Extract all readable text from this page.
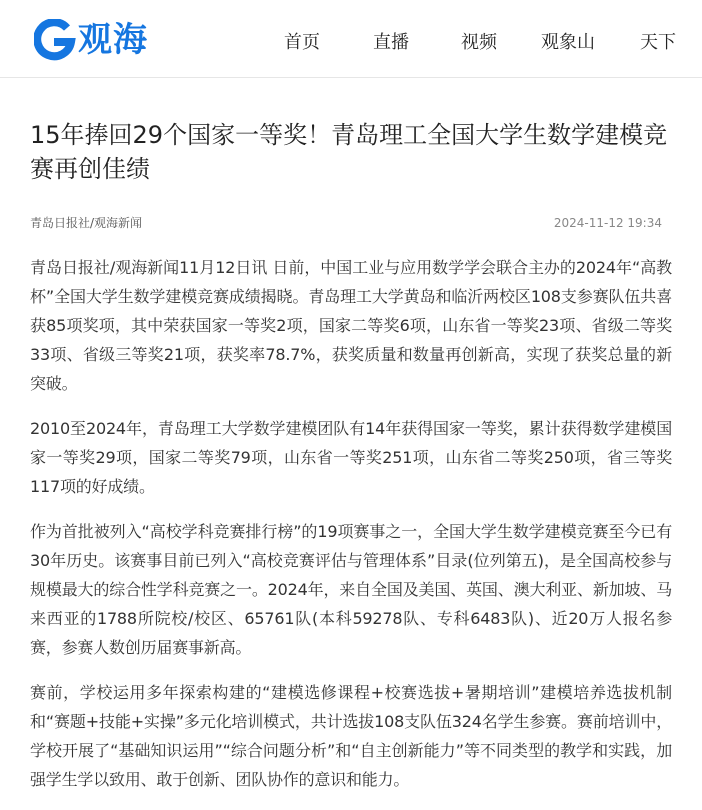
观海	首页	直播	视频 观象山	天下
15年捧回29个国家一等奖！青岛理工全国大学生数学建模竞赛再创佳绩
青岛日报社/观海新闻	2024-11-12 19:34

青岛日报社/观海新闻11月12日讯 日前，中国工业与应用数学学会联合主办的2024年“高教杯”全国大学生数学建模竞赛成绩揭晓。青岛理工大学黄岛和临沂两校区108支参赛队伍共喜获85项奖项，其中荣获国家一等奖2项，国家二等奖6项，山东省一等奖23项、省级二等奖33项、省级三等奖21项，获奖率78.7%，获奖质量和数量再创新高，实现了获奖总量的新突破。

2010至2024年，青岛理工大学数学建模团队有14年获得国家一等奖，累计获得数学建模国家一等奖29项，国家二等奖79项，山东省一等奖251项，山东省二等奖250项，省三等奖117项的好成绩。

作为首批被列入“高校学科竞赛排行榜”的19项赛事之一，全国大学生数学建模竞赛至今已有30年历史。该赛事目前已列入“高校竞赛评估与管理体系”目录(位列第五)，是全国高校参与规模最大的综合性学科竞赛之一。2024年，来自全国及美国、英国、澳大利亚、新加坡、马来西亚的1788所院校/校区、65761队(本科59278队、专科6483队)、近20万人报名参赛，参赛人数创历届赛事新高。

赛前，学校运用多年探索构建的“建模选修课程+校赛选拔+暑期培训”建模培养选拔机制和“赛题+技能+实操”多元化培训模式，共计选拔108支队伍324名学生参赛。赛前培训中，学校开展了“基础知识运用”“综合问题分析”和“自主创新能力”等不同类型的教学和实践，加强学生学以致用、敢于创新、团队协作的意识和能力。
